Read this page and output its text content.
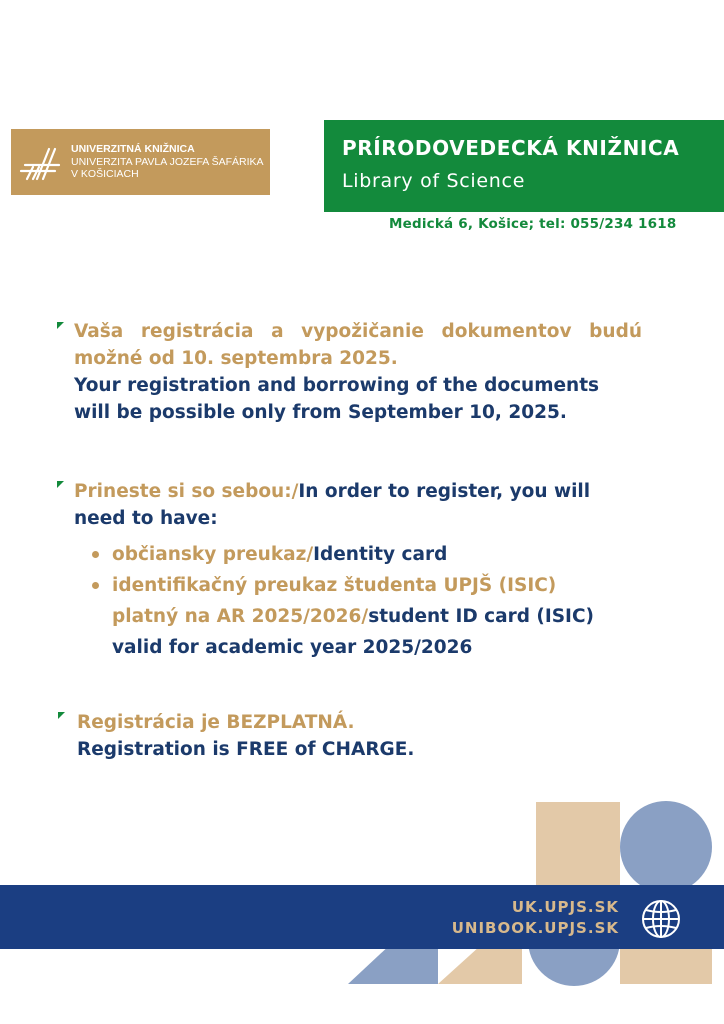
UNIVERZITNÁ KNIŽNICA
UNIVERZITA PAVLA JOZEFA ŠAFÁRIKA
V KOŠICIACH
PRÍRODOVEDECKÁ KNIŽNICA
Library of Science
Medická 6, Košice; tel: 055/234 1618
Vaša registrácia a vypožičanie dokumentov budú
možné od 10. septembra 2025.
Your registration and borrowing of the documents
will be possible only from September 10, 2025.
Prineste si so sebou:/In order to register, you will
need to have:
občiansky preukaz/Identity card
identifikačný preukaz študenta UPJŠ (ISIC)
platný na AR 2025/2026/student ID card (ISIC)
valid for academic year 2025/2026
Registrácia je BEZPLATNÁ.
Registration is FREE of CHARGE.
UK.UPJS.SK
UNIBOOK.UPJS.SK
